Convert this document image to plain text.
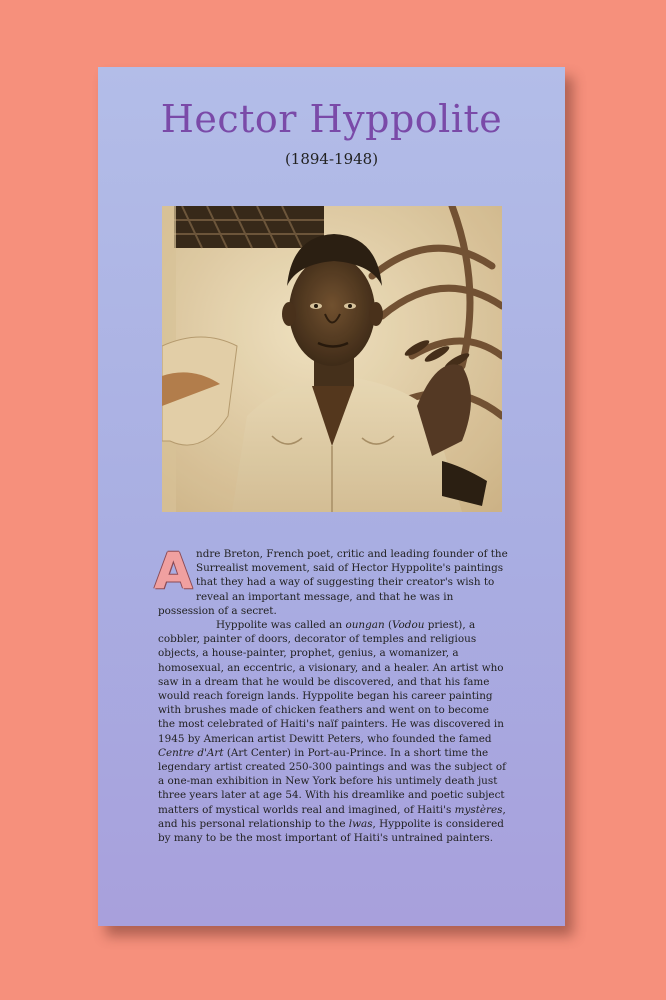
Hector Hyppolite
(1894-1948)

Andre Breton, French poet, critic and leading founder of the Surrealist movement, said of Hector Hyppolite's paintings that they had a way of suggesting their creator's wish to reveal an important message, and that he was in possession of a secret.

Hyppolite was called an oungan (Vodou priest), a cobbler, painter of doors, decorator of temples and religious objects, a house-painter, prophet, genius, a womanizer, a homosexual, an eccentric, a visionary, and a healer. An artist who saw in a dream that he would be discovered, and that his fame would reach foreign lands. Hyppolite began his career painting with brushes made of chicken feathers and went on to become the most celebrated of Haiti's naïf painters. He was discovered in 1945 by American artist Dewitt Peters, who founded the famed Centre d'Art (Art Center) in Port-au-Prince. In a short time the legendary artist created 250-300 paintings and was the subject of a one-man exhibition in New York before his untimely death just three years later at age 54. With his dreamlike and poetic subject matters of mystical worlds real and imagined, of Haiti's mystères, and his personal relationship to the lwas, Hyppolite is considered by many to be the most important of Haiti's untrained painters.
